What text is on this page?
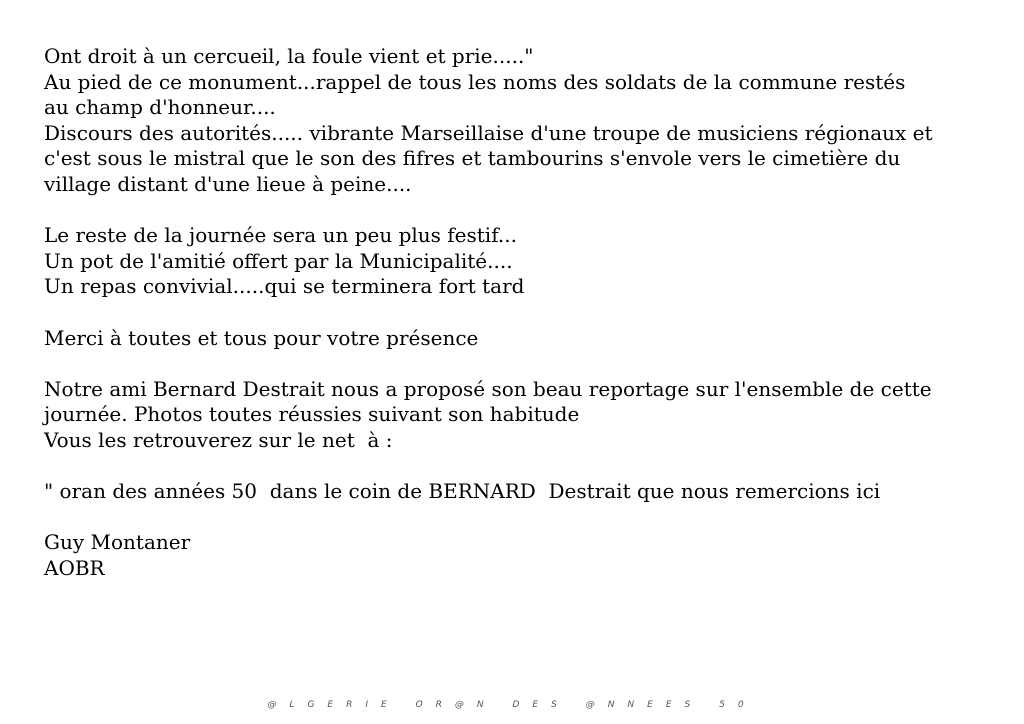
Ont droit à un cercueil, la foule vient et prie....."
Au pied de ce monument...rappel de tous les noms des soldats de la commune restés
au champ d'honneur....
Discours des autorités..... vibrante Marseillaise d'une troupe de musiciens régionaux et
c'est sous le mistral que le son des fifres et tambourins s'envole vers le cimetière du
village distant d'une lieue à peine....
Le reste de la journée sera un peu plus festif...
Un pot de l'amitié offert par la Municipalité....
Un repas convivial.....qui se terminera fort tard
Merci à toutes et tous pour votre présence
Notre ami Bernard Destrait nous a proposé son beau reportage sur l'ensemble de cette
journée. Photos toutes réussies suivant son habitude
Vous les retrouverez sur le net  à :
" oran des années 50  dans le coin de BERNARD  Destrait que nous remercions ici
Guy Montaner
AOBR
@LGERIE OR@N DES @NNEES 50
